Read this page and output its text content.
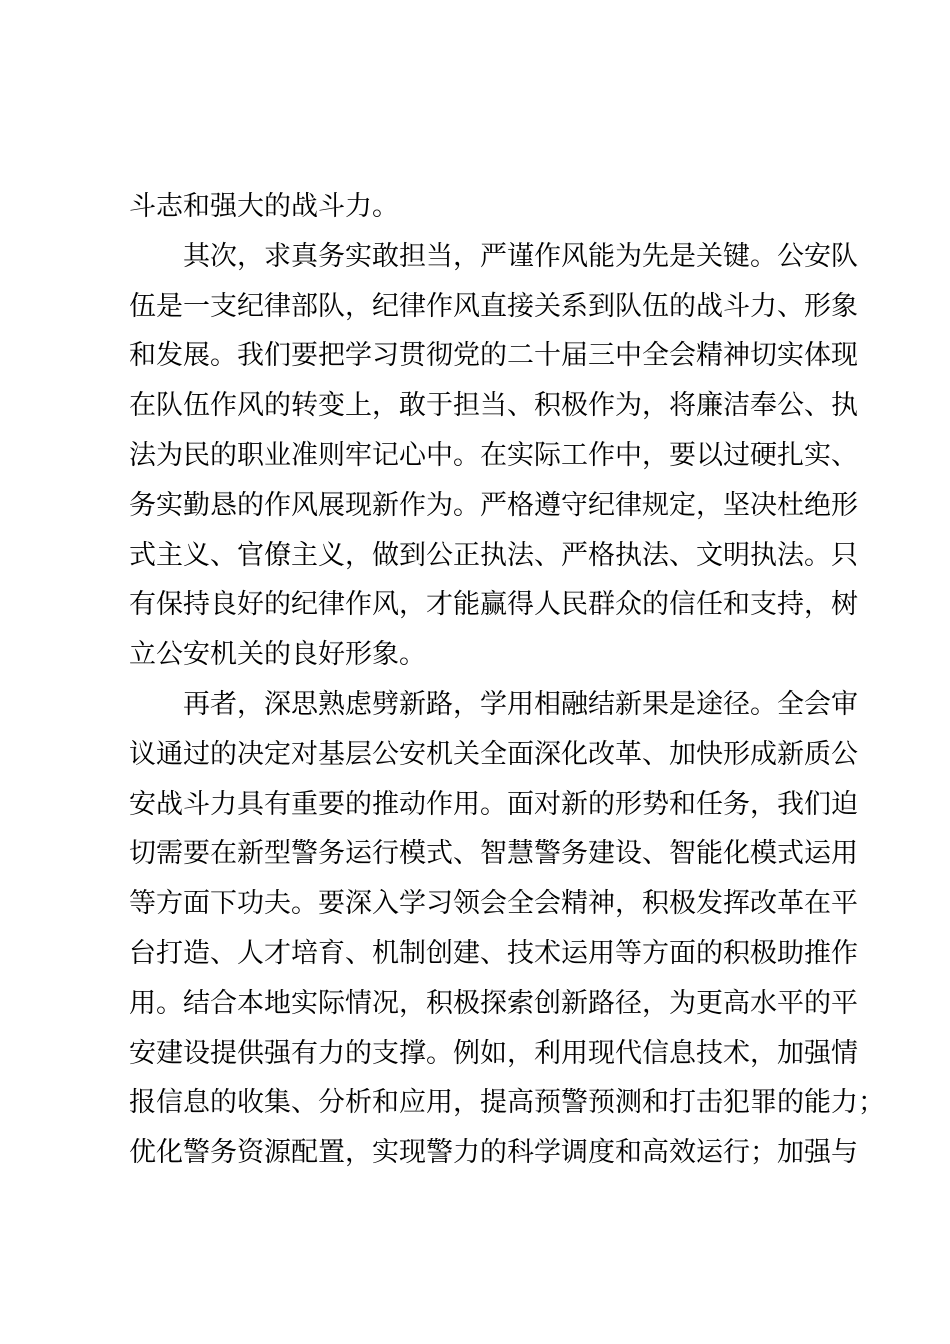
斗志和强大的战斗力。
　　其次，求真务实敢担当，严谨作风能为先是关键。公安队
伍是一支纪律部队，纪律作风直接关系到队伍的战斗力、形象
和发展。我们要把学习贯彻党的二十届三中全会精神切实体现
在队伍作风的转变上，敢于担当、积极作为，将廉洁奉公、执
法为民的职业准则牢记心中。在实际工作中，要以过硬扎实、
务实勤恳的作风展现新作为。严格遵守纪律规定，坚决杜绝形
式主义、官僚主义，做到公正执法、严格执法、文明执法。只
有保持良好的纪律作风，才能赢得人民群众的信任和支持，树
立公安机关的良好形象。
　　再者，深思熟虑劈新路，学用相融结新果是途径。全会审
议通过的决定对基层公安机关全面深化改革、加快形成新质公
安战斗力具有重要的推动作用。面对新的形势和任务，我们迫
切需要在新型警务运行模式、智慧警务建设、智能化模式运用
等方面下功夫。要深入学习领会全会精神，积极发挥改革在平
台打造、人才培育、机制创建、技术运用等方面的积极助推作
用。结合本地实际情况，积极探索创新路径，为更高水平的平
安建设提供强有力的支撑。例如，利用现代信息技术，加强情
报信息的收集、分析和应用，提高预警预测和打击犯罪的能力；
优化警务资源配置，实现警力的科学调度和高效运行；加强与
